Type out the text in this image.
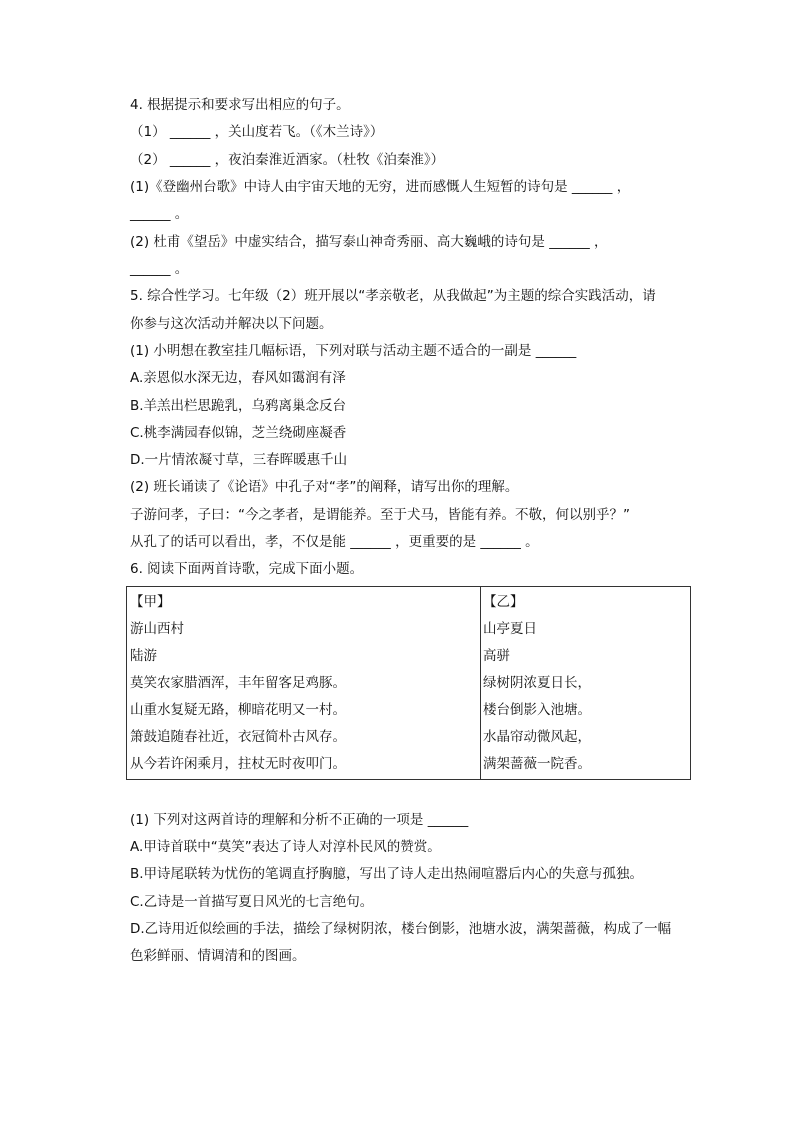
4. 根据提示和要求写出相应的句子。

（1） ______ ，关山度若飞。（《木兰诗》）

（2） ______ ，夜泊秦淮近酒家。（杜牧《泊秦淮》）

(1)《登幽州台歌》中诗人由宇宙天地的无穷，进而感慨人生短暂的诗句是 ______ ，

______ 。

(2) 杜甫《望岳》中虚实结合，描写泰山神奇秀丽、高大巍峨的诗句是 ______ ，

______ 。

5. 综合性学习。七年级（2）班开展以“孝亲敬老，从我做起”为主题的综合实践活动，请

你参与这次活动并解决以下问题。

(1) 小明想在教室挂几幅标语，下列对联与活动主题不适合的一副是 ______

A.亲恩似水深无边，春风如霭润有泽

B.羊羔出栏思跪乳，乌鸦离巢念反台

C.桃李满园春似锦，芝兰绕砌座凝香

D.一片情浓凝寸草，三春晖暖惠千山

(2) 班长诵读了《论语》中孔子对“孝”的阐释，请写出你的理解。

子游问孝，子曰：“今之孝者，是谓能养。至于犬马，皆能有养。不敬，何以别乎？”

从孔了的话可以看出，孝，不仅是能 ______ ，更重要的是 ______ 。

6. 阅读下面两首诗歌，完成下面小题。

【甲】

游山西村

陆游

莫笑农家腊酒浑，丰年留客足鸡豚。

山重水复疑无路，柳暗花明又一村。

箫鼓追随春社近，衣冠简朴古风存。

从今若许闲乘月，拄杖无时夜叩门。

【乙】

山亭夏日

高骈

绿树阴浓夏日长，

楼台倒影入池塘。

水晶帘动微风起，

满架蔷薇一院香。

(1) 下列对这两首诗的理解和分析不正确的一项是 ______

A.甲诗首联中“莫笑”表达了诗人对淳朴民风的赞赏。

B.甲诗尾联转为忧伤的笔调直抒胸臆，写出了诗人走出热闹喧嚣后内心的失意与孤独。

C.乙诗是一首描写夏日风光的七言绝句。

D.乙诗用近似绘画的手法，描绘了绿树阴浓，楼台倒影，池塘水波，满架蔷薇，构成了一幅

色彩鲜丽、情调清和的图画。
